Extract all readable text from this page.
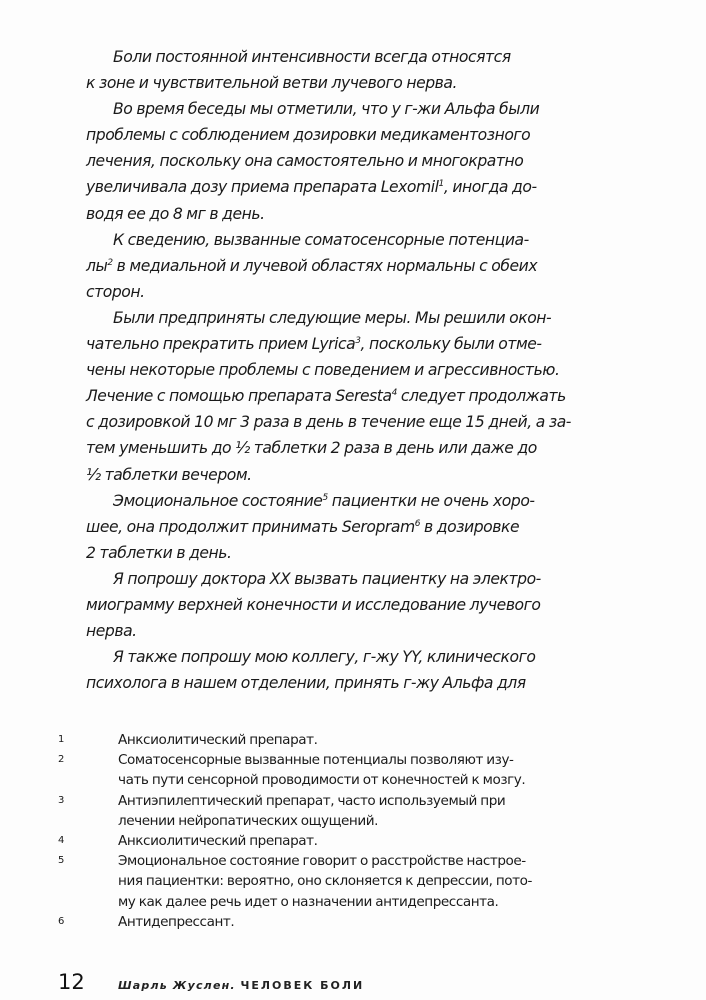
Боли постоянной интенсивности всегда относятся
к зоне и чувствительной ветви лучевого нерва.
Во время беседы мы отметили, что у г-жи Альфа были
проблемы с соблюдением дозировки медикаментозного
лечения, поскольку она самостоятельно и многократно
увеличивала дозу приема препарата Lexomil$^1$, иногда до-
водя ее до 8 мг в день.
К сведению, вызванные соматосенсорные потенциа-
$лы^2$ в медиальной и лучевой областях нормальны с обеих
сторон.
Были предприняты следующие меры. Мы решили окон-
чательно прекратить прием Lyrica$^3$, поскольку были отме-
чены некоторые проблемы с поведением и агрессивностью.
Лечение с помощью препарата Seresta$^4$ следует продолжать
с дозировкой 10 мг 3 раза в день в течение еще 15 дней, а за-
тем уменьшить до ½ таблетки 2 раза в день или даже до
½ таблетки вечером.
Эмоциональное состояние$^5$ пациентки не очень хоро-
шее, она продолжит принимать Seropram$^6$ в дозировке
2 таблетки в день.
Я попрошу доктора XX вызвать пациентку на электро-
миограмму верхней конечности и исследование лучевого
нерва.
Я также попрошу мою коллегу, г-жу YY, клинического
психолога в нашем отделении, принять г-жу Альфа для
1	Анксиолитический препарат.
2	Соматосенсорные вызванные потенциалы позволяют изу-
чать пути сенсорной проводимости от конечностей к мозгу.
3	Антиэпилептический препарат, часто используемый при
лечении нейропатических ощущений.
4	Анксиолитический препарат.
5	Эмоциональное состояние говорит о расстройстве настрое-
ния пациентки: вероятно, оно склоняется к депрессии, пото-
му как далее речь идет о назначении антидепрессанта.
6	Антидепрессант.
12	Шарль Жуслен. ЧЕЛОВЕК БОЛИ
